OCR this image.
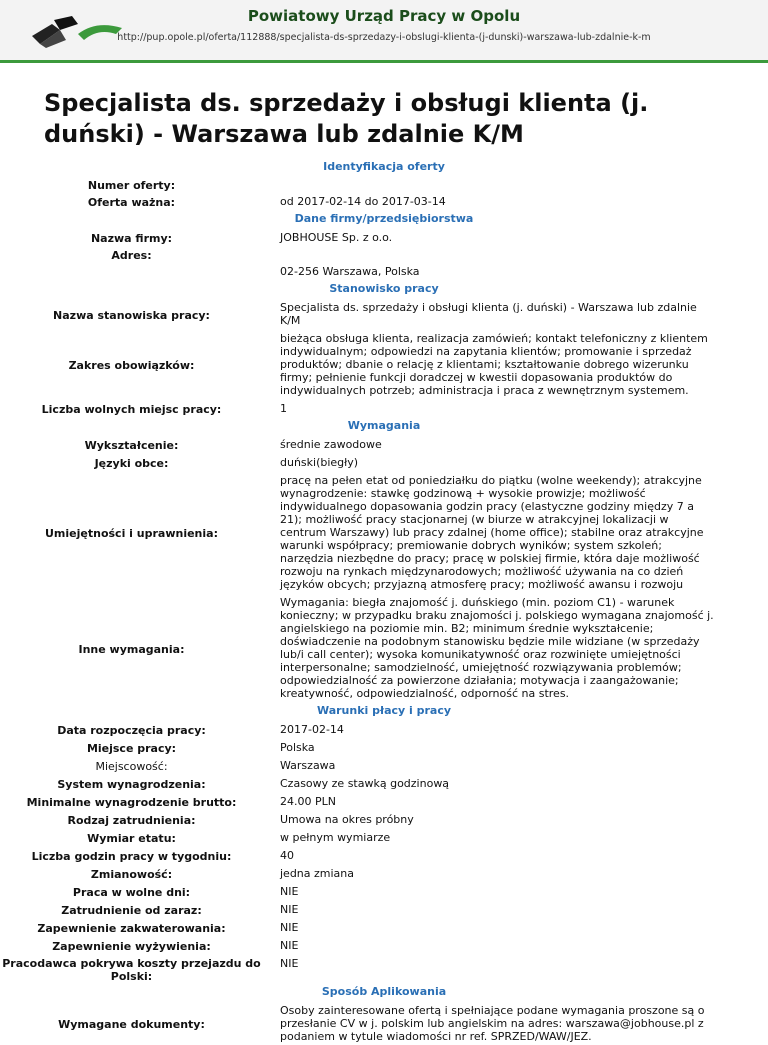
Powiatowy Urząd Pracy w Opolu
http://pup.opole.pl/oferta/112888/specjalista-ds-sprzedazy-i-obslugi-klienta-(j-dunski)-warszawa-lub-zdalnie-k-m
Specjalista ds. sprzedaży i obsługi klienta (j. duński) - Warszawa lub zdalnie K/M
Identyfikacja oferty
Numer oferty:
Oferta ważna:	od 2017-02-14 do 2017-03-14
Dane firmy/przedsiębiorstwa
Nazwa firmy:	JOBHOUSE Sp. z o.o.
Adres:
02-256 Warszawa, Polska
Stanowisko pracy
Nazwa stanowiska pracy:
Specjalista ds. sprzedaży i obsługi klienta (j. duński) - Warszawa lub zdalnie K/M
Zakres obowiązków:
bieżąca obsługa klienta, realizacja zamówień; kontakt telefoniczny z klientem indywidualnym; odpowiedzi na zapytania klientów; promowanie i sprzedaż produktów; dbanie o relację z klientami; kształtowanie dobrego wizerunku firmy; pełnienie funkcji doradczej w kwestii dopasowania produktów do indywidualnych potrzeb; administracja i praca z wewnętrznym systemem.
Liczba wolnych miejsc pracy:	1
Wymagania
Wykształcenie:	średnie zawodowe
Języki obce:	duński(biegły)
Umiejętności i uprawnienia:
pracę na pełen etat od poniedziałku do piątku (wolne weekendy); atrakcyjne wynagrodzenie: stawkę godzinową + wysokie prowizje; możliwość indywidualnego dopasowania godzin pracy (elastyczne godziny między 7 a 21); możliwość pracy stacjonarnej (w biurze w atrakcyjnej lokalizacji w centrum Warszawy) lub pracy zdalnej (home office); stabilne oraz atrakcyjne warunki współpracy; premiowanie dobrych wyników; system szkoleń; narzędzia niezbędne do pracy; pracę w polskiej firmie, która daje możliwość rozwoju na rynkach międzynarodowych; możliwość używania na co dzień języków obcych; przyjazną atmosferę pracy; możliwość awansu i rozwoju
Inne wymagania:
Wymagania: biegła znajomość j. duńskiego (min. poziom C1) - warunek konieczny; w przypadku braku znajomości j. polskiego wymagana znajomość j. angielskiego na poziomie min. B2; minimum średnie wykształcenie; doświadczenie na podobnym stanowisku będzie mile widziane (w sprzedaży lub/i call center); wysoka komunikatywność oraz rozwinięte umiejętności interpersonalne; samodzielność, umiejętność rozwiązywania problemów; odpowiedzialność za powierzone działania; motywacja i zaangażowanie; kreatywność, odpowiedzialność, odporność na stres.
Warunki płacy i pracy
Data rozpoczęcia pracy:	2017-02-14
Miejsce pracy:	Polska
Miejscowość:	Warszawa
System wynagrodzenia:	Czasowy ze stawką godzinową
Minimalne wynagrodzenie brutto:	24.00 PLN
Rodzaj zatrudnienia:	Umowa na okres próbny
Wymiar etatu:	w pełnym wymiarze
Liczba godzin pracy w tygodniu:	40
Zmianowość:	jedna zmiana
Praca w wolne dni:	NIE
Zatrudnienie od zaraz:	NIE
Zapewnienie zakwaterowania:	NIE
Zapewnienie wyżywienia:	NIE
Pracodawca pokrywa koszty przejazdu do Polski:
NIE
Sposób Aplikowania
Wymagane dokumenty:
Osoby zainteresowane ofertą i spełniające podane wymagania proszone są o przesłanie CV w j. polskim lub angielskim na adres: warszawa@jobhouse.pl z podaniem w tytule wiadomości nr ref. SPRZED/WAW/JEZ.
